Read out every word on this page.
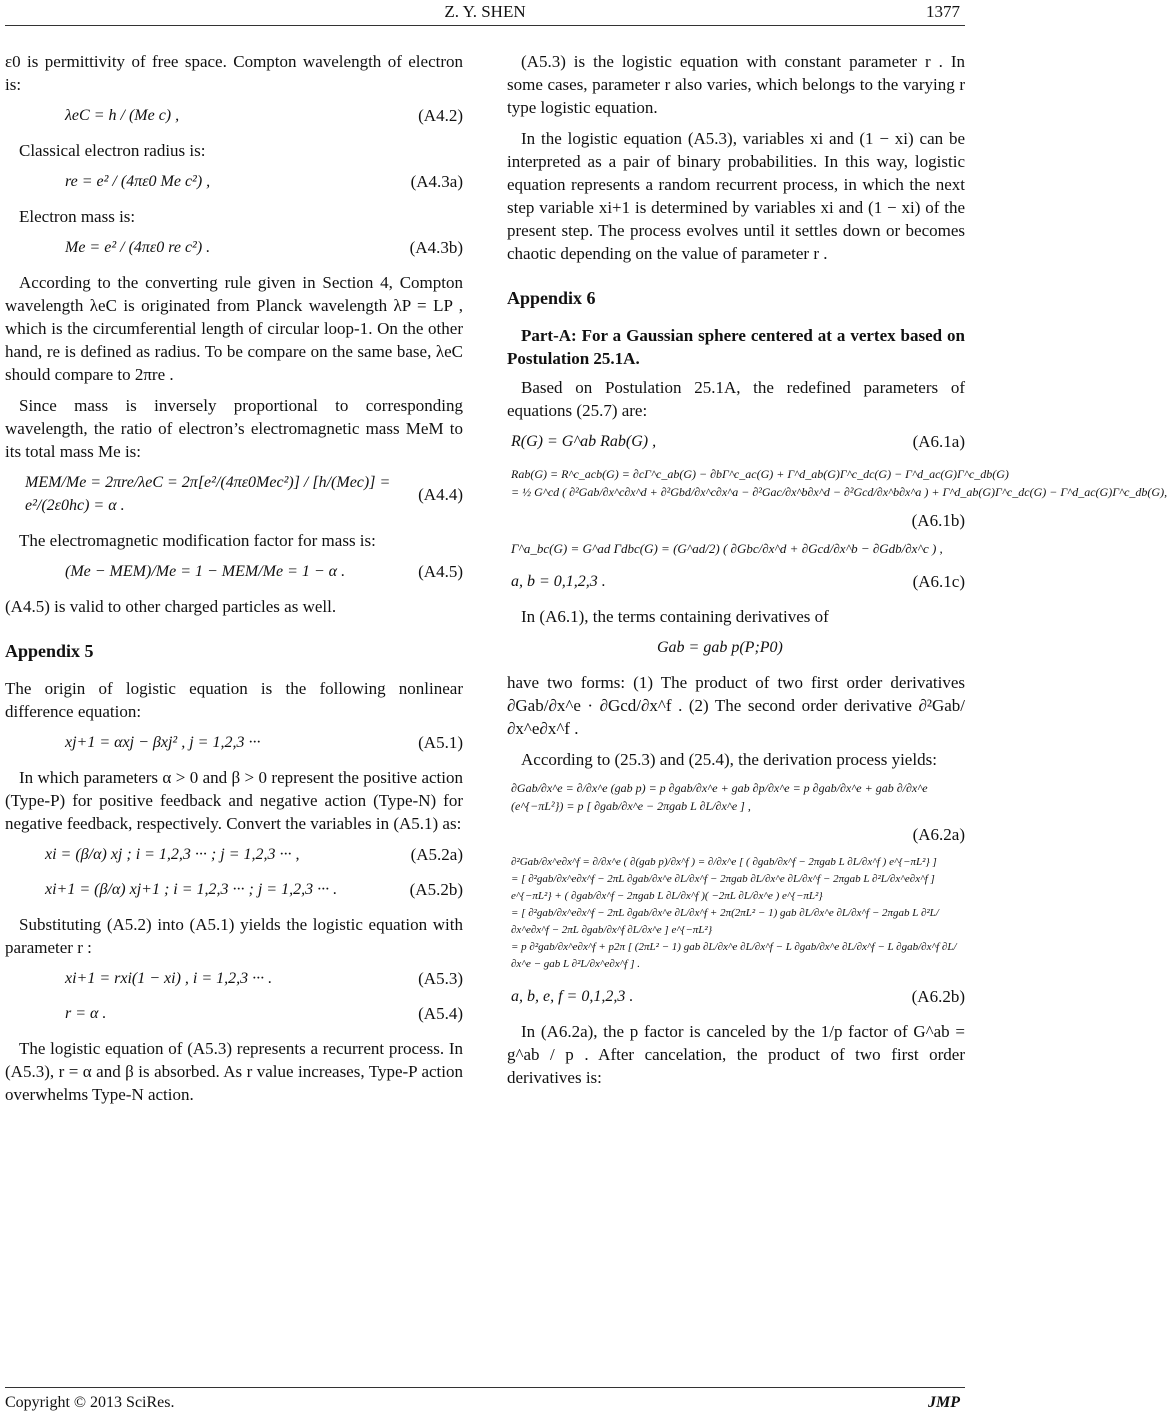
Z. Y. SHEN	1377

ε0 is permittivity of free space. Compton wavelength of electron is:

λeC = h / (Me c) ,	(A4.2)

Classical electron radius is:

re = e² / (4πε0 Me c²) ,	(A4.3a)

Electron mass is:

Me = e² / (4πε0 re c²) .	(A4.3b)

According to the converting rule given in Section 4, Compton wavelength λeC is originated from Planck wavelength λP = LP , which is the circumferential length of circular loop-1. On the other hand, re is defined as radius. To be compare on the same base, λeC should compare to 2πre .

Since mass is inversely proportional to corresponding wavelength, the ratio of electron’s electromagnetic mass MeM to its total mass Me is:

MEM/Me = 2πre/λeC = 2π[e²/(4πε0Mec²)] / [h/(Mec)] = e²/(2ε0hc) = α .
(A4.4)

The electromagnetic modification factor for mass is:

(Me − MEM)/Me = 1 − MEM/Me = 1 − α .	(A4.5)

(A4.5) is valid to other charged particles as well.

Appendix 5

The origin of logistic equation is the following nonlinear difference equation:

xj+1 = αxj − βxj² , j = 1,2,3 ···	(A5.1)

In which parameters α > 0 and β > 0 represent the positive action (Type-P) for positive feedback and negative action (Type-N) for negative feedback, respectively. Convert the variables in (A5.1) as:

xi = (β/α) xj ; i = 1,2,3 ··· ; j = 1,2,3 ··· ,	(A5.2a)
xi+1 = (β/α) xj+1 ; i = 1,2,3 ··· ; j = 1,2,3 ··· .	(A5.2b)

Substituting (A5.2) into (A5.1) yields the logistic equation with parameter r :

xi+1 = rxi(1 − xi) , i = 1,2,3 ··· .	(A5.3)
r = α .	(A5.4)

The logistic equation of (A5.3) represents a recurrent process. In (A5.3), r = α and β is absorbed. As r value increases, Type-P action overwhelms Type-N action.

(A5.3) is the logistic equation with constant parameter r . In some cases, parameter r also varies, which belongs to the varying r type logistic equation.

In the logistic equation (A5.3), variables xi and (1 − xi) can be interpreted as a pair of binary probabilities. In this way, logistic equation represents a random recurrent process, in which the next step variable xi+1 is determined by variables xi and (1 − xi) of the present step. The process evolves until it settles down or becomes chaotic depending on the value of parameter r .

Appendix 6
Part-A: For a Gaussian sphere centered at a vertex based on Postulation 25.1A.

Based on Postulation 25.1A, the redefined parameters of equations (25.7) are:

R(G) = G^ab Rab(G) ,	(A6.1a)
Rab(G) = R^c_acb(G) = ∂cΓ^c_ab(G) − ∂bΓ^c_ac(G) + Γ^d_ab(G)Γ^c_dc(G) − Γ^d_ac(G)Γ^c_db(G)
= ½ G^cd ( ∂²Gab/∂x^c∂x^d + ∂²Gbd/∂x^c∂x^a − ∂²Gac/∂x^b∂x^d − ∂²Gcd/∂x^b∂x^a ) + Γ^d_ab(G)Γ^c_dc(G) − Γ^d_ac(G)Γ^c_db(G),
(A6.1b)
Γ^a_bc(G) = G^ad Γdbc(G) = (G^ad/2) ( ∂Gbc/∂x^d + ∂Gcd/∂x^b − ∂Gdb/∂x^c ) ,
a, b = 0,1,2,3 .	(A6.1c)

In (A6.1), the terms containing derivatives of

Gab = gab p(P;P0)

have two forms: (1) The product of two first order derivatives ∂Gab/∂x^e · ∂Gcd/∂x^f . (2) The second order derivative ∂²Gab/∂x^e∂x^f .

According to (25.3) and (25.4), the derivation process yields:

∂Gab/∂x^e = ∂/∂x^e (gab p) = p ∂gab/∂x^e + gab ∂p/∂x^e = p ∂gab/∂x^e + gab ∂/∂x^e (e^{−πL²}) = p [ ∂gab/∂x^e − 2πgab L ∂L/∂x^e ] ,
(A6.2a)
∂²Gab/∂x^e∂x^f = ∂/∂x^e ( ∂(gab p)/∂x^f ) = ∂/∂x^e [ ( ∂gab/∂x^f − 2πgab L ∂L/∂x^f ) e^{−πL²} ]
= [ ∂²gab/∂x^e∂x^f − 2πL ∂gab/∂x^e ∂L/∂x^f − 2πgab ∂L/∂x^e ∂L/∂x^f − 2πgab L ∂²L/∂x^e∂x^f ] e^{−πL²} + ( ∂gab/∂x^f − 2πgab L ∂L/∂x^f )( −2πL ∂L/∂x^e ) e^{−πL²}
= [ ∂²gab/∂x^e∂x^f − 2πL ∂gab/∂x^e ∂L/∂x^f + 2π(2πL² − 1) gab ∂L/∂x^e ∂L/∂x^f − 2πgab L ∂²L/∂x^e∂x^f − 2πL ∂gab/∂x^f ∂L/∂x^e ] e^{−πL²}
= p ∂²gab/∂x^e∂x^f + p2π [ (2πL² − 1) gab ∂L/∂x^e ∂L/∂x^f − L ∂gab/∂x^e ∂L/∂x^f − L ∂gab/∂x^f ∂L/∂x^e − gab L ∂²L/∂x^e∂x^f ] .
a, b, e, f = 0,1,2,3 .	(A6.2b)

In (A6.2a), the p factor is canceled by the 1/p factor of G^ab = g^ab / p . After cancelation, the product of two first order derivatives is:

Copyright © 2013 SciRes.	JMP
